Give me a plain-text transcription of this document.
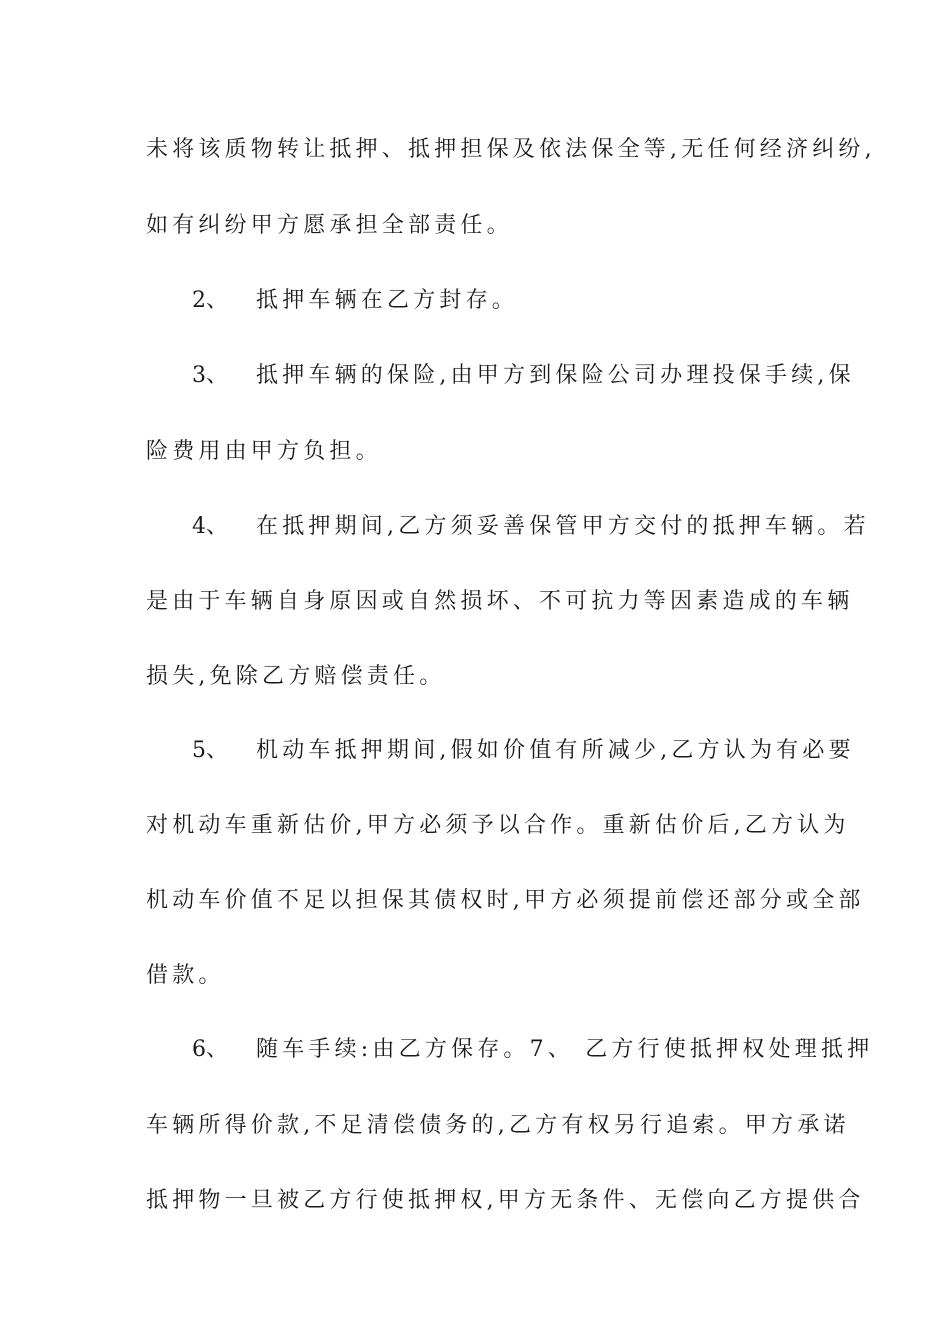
未将该质物转让抵押、抵押担保及依法保全等,无任何经济纠纷,
如有纠纷甲方愿承担全部责任。
2、 抵押车辆在乙方封存。
3、 抵押车辆的保险,由甲方到保险公司办理投保手续,保
险费用由甲方负担。
4、 在抵押期间,乙方须妥善保管甲方交付的抵押车辆。若
是由于车辆自身原因或自然损坏、不可抗力等因素造成的车辆
损失,免除乙方赔偿责任。
5、 机动车抵押期间,假如价值有所减少,乙方认为有必要
对机动车重新估价,甲方必须予以合作。重新估价后,乙方认为
机动车价值不足以担保其债权时,甲方必须提前偿还部分或全部
借款。
6、 随车手续:由乙方保存。7、 乙方行使抵押权处理抵押
车辆所得价款,不足清偿债务的,乙方有权另行追索。甲方承诺
抵押物一旦被乙方行使抵押权,甲方无条件、无偿向乙方提供合
